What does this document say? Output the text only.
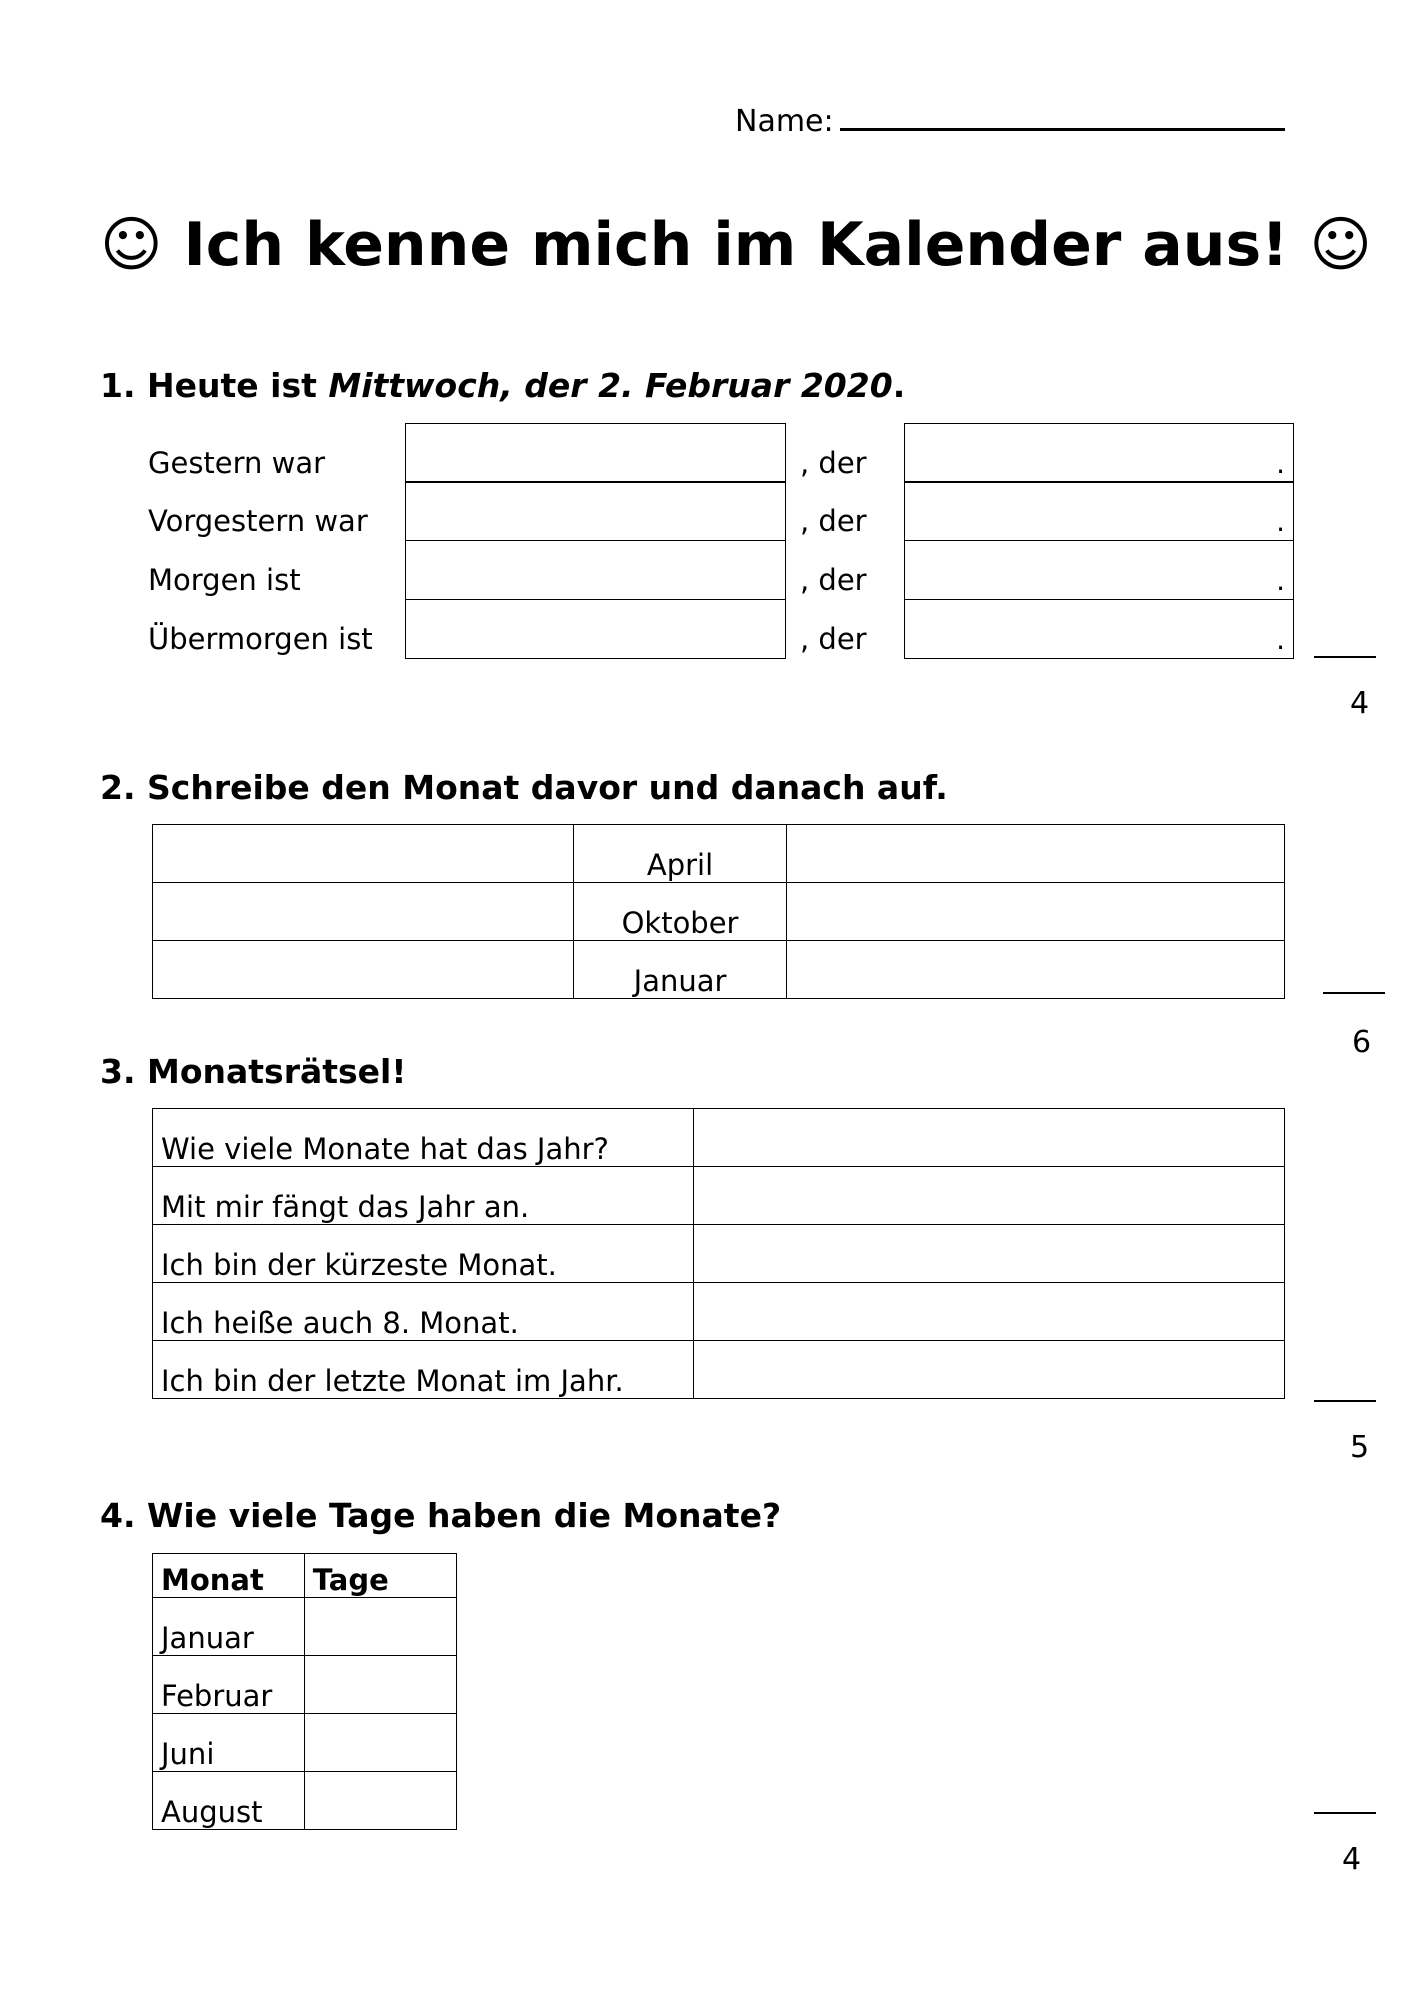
Name:
☺ Ich kenne mich im Kalender aus! ☺
1. Heute ist Mittwoch, der 2. Februar 2020.
Gestern war	, der	.
Vorgestern war	, der	.
Morgen ist	, der	.
Übermorgen ist	, der	.
4
2. Schreibe den Monat davor und danach auf.
	April	
	Oktober	
	Januar	
6
3. Monatsrätsel!
Wie viele Monate hat das Jahr?	
Mit mir fängt das Jahr an.	
Ich bin der kürzeste Monat.	
Ich heiße auch 8. Monat.	
Ich bin der letzte Monat im Jahr.	
5
4. Wie viele Tage haben die Monate?
Monat	Tage
Januar	
Februar	
Juni	
August	
4
